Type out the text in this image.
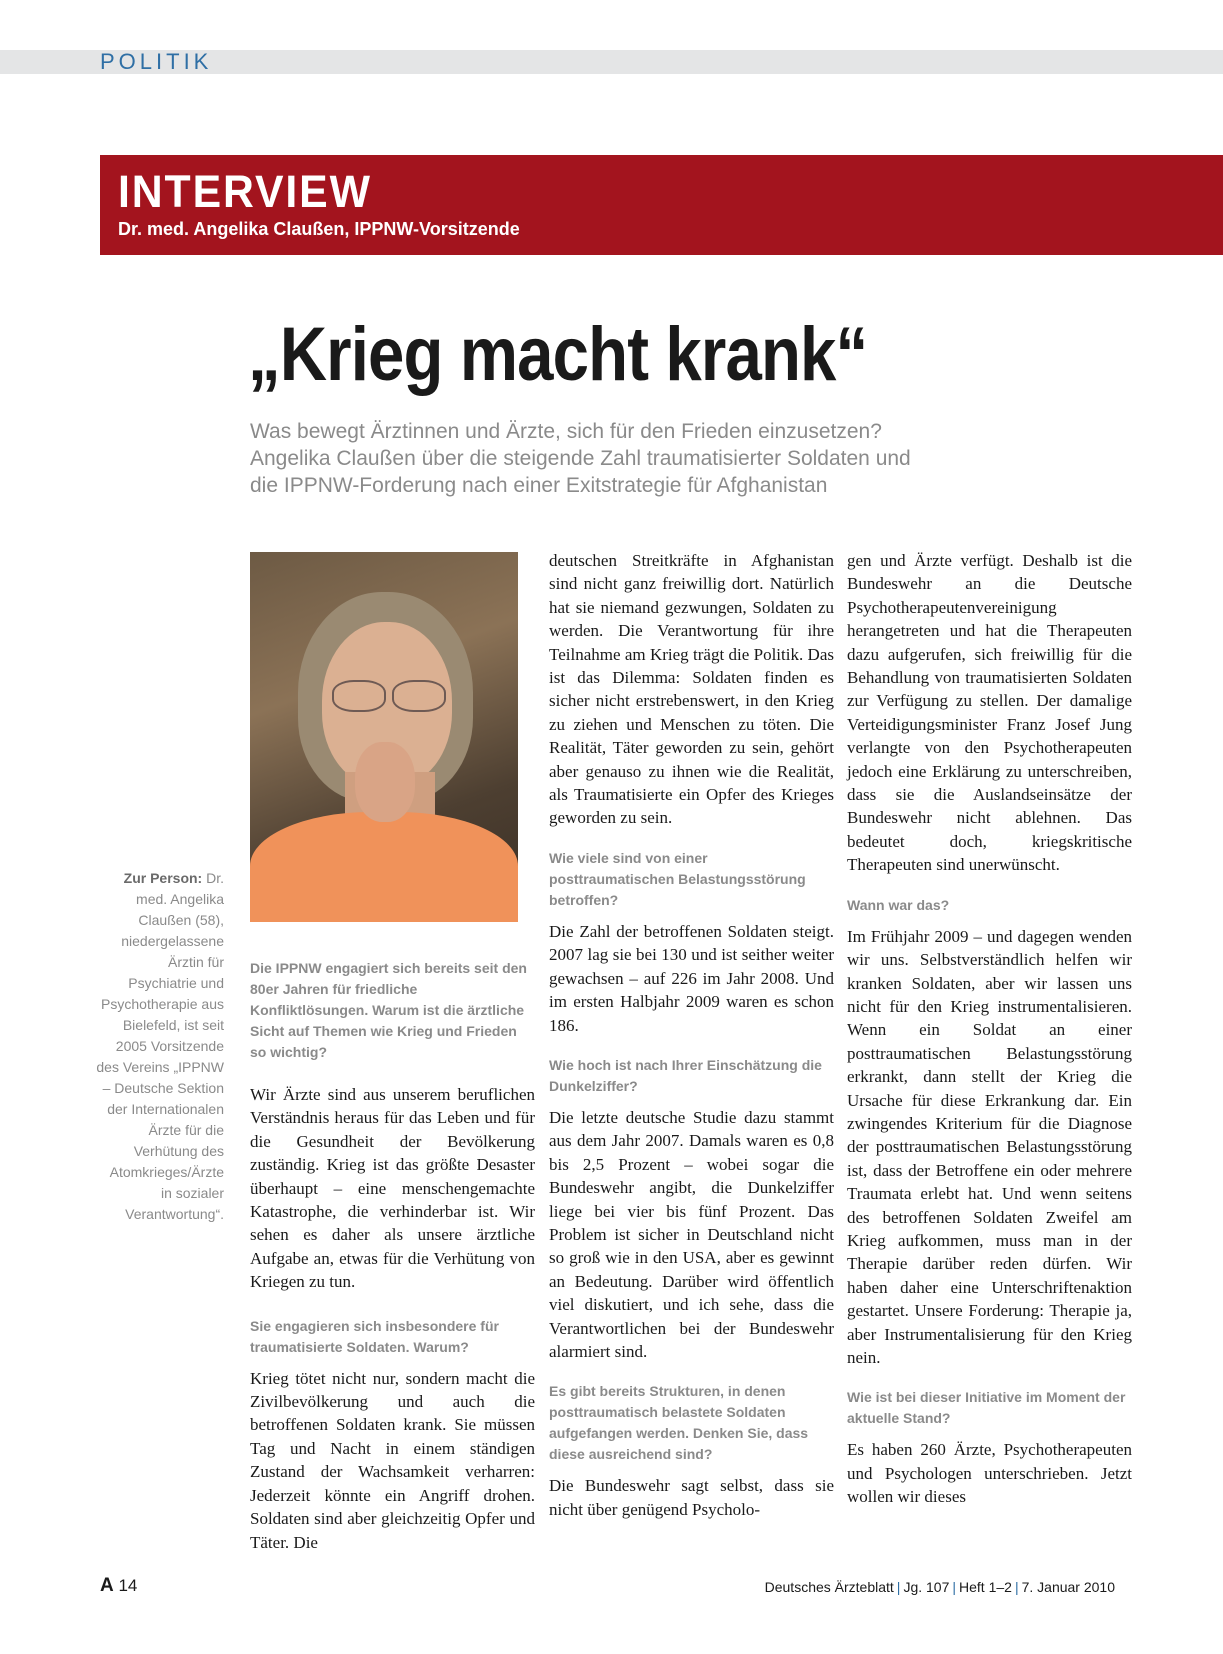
POLITIK
INTERVIEW
Dr. med. Angelika Claußen, IPPNW-Vorsitzende
„Krieg macht krank“
Was bewegt Ärztinnen und Ärzte, sich für den Frieden einzusetzen?
Angelika Claußen über die steigende Zahl traumatisierter Soldaten und
die IPPNW-Forderung nach einer Exitstrategie für Afghanistan
Zur Person: Dr. med. Angelika Claußen (58), niedergelassene Ärztin für Psychiatrie und Psychotherapie aus Bielefeld, ist seit 2005 Vorsitzende des Vereins „IPPNW – Deutsche Sektion der Internationalen Ärzte für die Verhütung des Atomkrieges/Ärzte in sozialer Verantwortung“.

Die IPPNW engagiert sich bereits seit den 80er Jahren für friedliche Konfliktlösungen. Warum ist die ärztliche Sicht auf Themen wie Krieg und Frieden so wichtig?

Wir Ärzte sind aus unserem beruflichen Verständnis heraus für das Leben und für die Gesundheit der Bevölkerung zuständig. Krieg ist das größte Desaster überhaupt – eine menschengemachte Katastrophe, die verhinderbar ist. Wir sehen es daher als unsere ärztliche Aufgabe an, etwas für die Verhütung von Kriegen zu tun.

Sie engagieren sich insbesondere für traumatisierte Soldaten. Warum?

Krieg tötet nicht nur, sondern macht die Zivilbevölkerung und auch die betroffenen Soldaten krank. Sie müssen Tag und Nacht in einem ständigen Zustand der Wachsamkeit verharren: Jederzeit könnte ein Angriff drohen. Soldaten sind aber gleichzeitig Opfer und Täter. Die

deutschen Streitkräfte in Afghanistan sind nicht ganz freiwillig dort. Natürlich hat sie niemand gezwungen, Soldaten zu werden. Die Verantwortung für ihre Teilnahme am Krieg trägt die Politik. Das ist das Dilemma: Soldaten finden es sicher nicht erstrebenswert, in den Krieg zu ziehen und Menschen zu töten. Die Realität, Täter geworden zu sein, gehört aber genauso zu ihnen wie die Realität, als Traumatisierte ein Opfer des Krieges geworden zu sein.

Wie viele sind von einer posttraumatischen Belastungsstörung betroffen?

Die Zahl der betroffenen Soldaten steigt. 2007 lag sie bei 130 und ist seither weiter gewachsen – auf 226 im Jahr 2008. Und im ersten Halbjahr 2009 waren es schon 186.

Wie hoch ist nach Ihrer Einschätzung die Dunkelziffer?

Die letzte deutsche Studie dazu stammt aus dem Jahr 2007. Damals waren es 0,8 bis 2,5 Prozent – wobei sogar die Bundeswehr angibt, die Dunkelziffer liege bei vier bis fünf Prozent. Das Problem ist sicher in Deutschland nicht so groß wie in den USA, aber es gewinnt an Bedeutung. Darüber wird öffentlich viel diskutiert, und ich sehe, dass die Verantwortlichen bei der Bundeswehr alarmiert sind.

Es gibt bereits Strukturen, in denen posttraumatisch belastete Soldaten aufgefangen werden. Denken Sie, dass diese ausreichend sind?

Die Bundeswehr sagt selbst, dass sie nicht über genügend Psycholo-

gen und Ärzte verfügt. Deshalb ist die Bundeswehr an die Deutsche Psychotherapeutenvereinigung herangetreten und hat die Therapeuten dazu aufgerufen, sich freiwillig für die Behandlung von traumatisierten Soldaten zur Verfügung zu stellen. Der damalige Verteidigungsminister Franz Josef Jung verlangte von den Psychotherapeuten jedoch eine Erklärung zu unterschreiben, dass sie die Auslandseinsätze der Bundeswehr nicht ablehnen. Das bedeutet doch, kriegskritische Therapeuten sind unerwünscht.

Wann war das?

Im Frühjahr 2009 – und dagegen wenden wir uns. Selbstverständlich helfen wir kranken Soldaten, aber wir lassen uns nicht für den Krieg instrumentalisieren. Wenn ein Soldat an einer posttraumatischen Belastungsstörung erkrankt, dann stellt der Krieg die Ursache für diese Erkrankung dar. Ein zwingendes Kriterium für die Diagnose der posttraumatischen Belastungsstörung ist, dass der Betroffene ein oder mehrere Traumata erlebt hat. Und wenn seitens des betroffenen Soldaten Zweifel am Krieg aufkommen, muss man in der Therapie darüber reden dürfen. Wir haben daher eine Unterschriftenaktion gestartet. Unsere Forderung: Therapie ja, aber Instrumentalisierung für den Krieg nein.

Wie ist bei dieser Initiative im Moment der aktuelle Stand?

Es haben 260 Ärzte, Psychotherapeuten und Psychologen unterschrieben. Jetzt wollen wir dieses

A 14	Deutsches Ärzteblatt | Jg. 107 | Heft 1–2 | 7. Januar 2010
